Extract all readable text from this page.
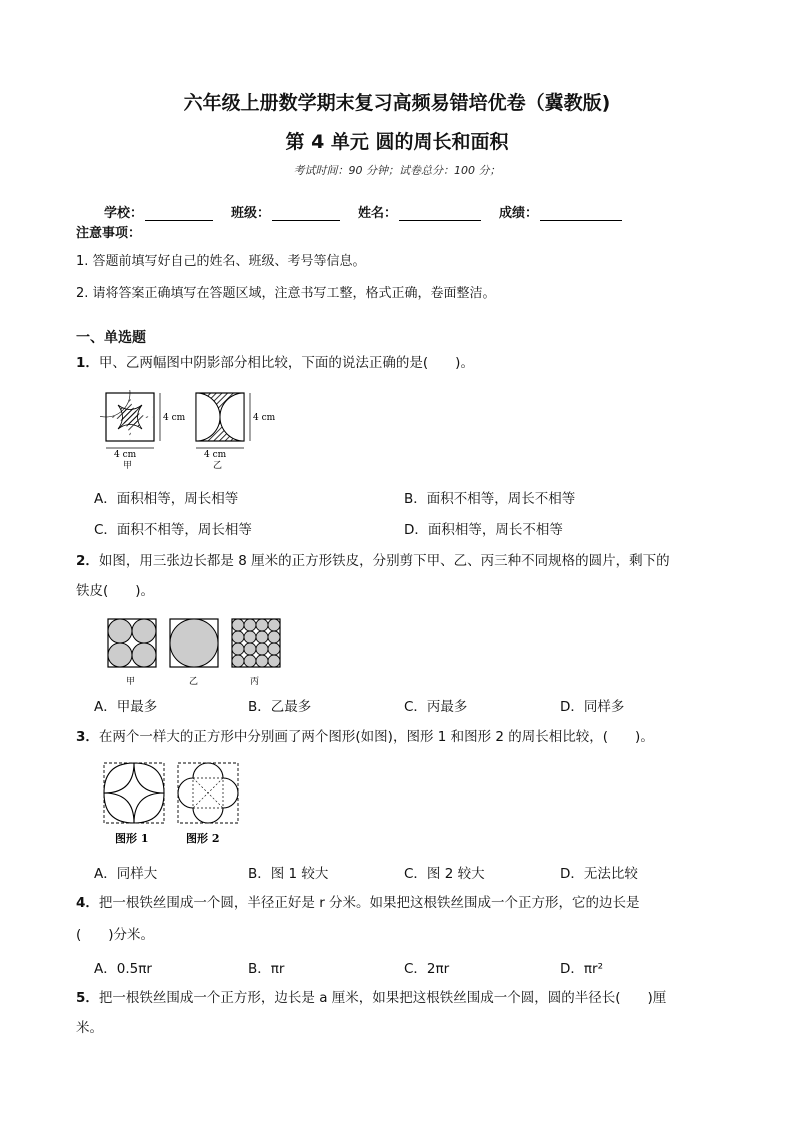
六年级上册数学期末复习高频易错培优卷（冀教版)
第 4 单元 圆的周长和面积
考试时间：90 分钟；试卷总分：100 分；
学校：	班级：	姓名：	成绩：
注意事项：
1. 答题前填写好自己的姓名、班级、考号等信息。
2. 请将答案正确填写在答题区域，注意书写工整，格式正确，卷面整洁。
一、单选题
1．甲、乙两幅图中阴影部分相比较，下面的说法正确的是(　　)。
4 cm
4 cm
甲
4 cm
4 cm
乙
A．面积相等，周长相等	B．面积不相等，周长不相等
C．面积不相等，周长相等	D．面积相等，周长不相等
2．如图，用三张边长都是 8 厘米的正方形铁皮，分别剪下甲、乙、丙三种不同规格的圆片，剩下的
铁皮(　　)。
甲	乙	丙
A．甲最多	B．乙最多	C．丙最多	D．同样多
3．在两个一样大的正方形中分别画了两个图形(如图)，图形 1 和图形 2 的周长相比较，(　　)。
图形 1	图形 2
A．同样大	B．图 1 较大	C．图 2 较大	D．无法比较
4．把一根铁丝围成一个圆，半径正好是 r 分米。如果把这根铁丝围成一个正方形，它的边长是
(　　)分米。
A．0.5πr	B．πr	C．2πr	D．πr²
5．把一根铁丝围成一个正方形，边长是 a 厘米，如果把这根铁丝围成一个圆，圆的半径长(　　)厘
米。
